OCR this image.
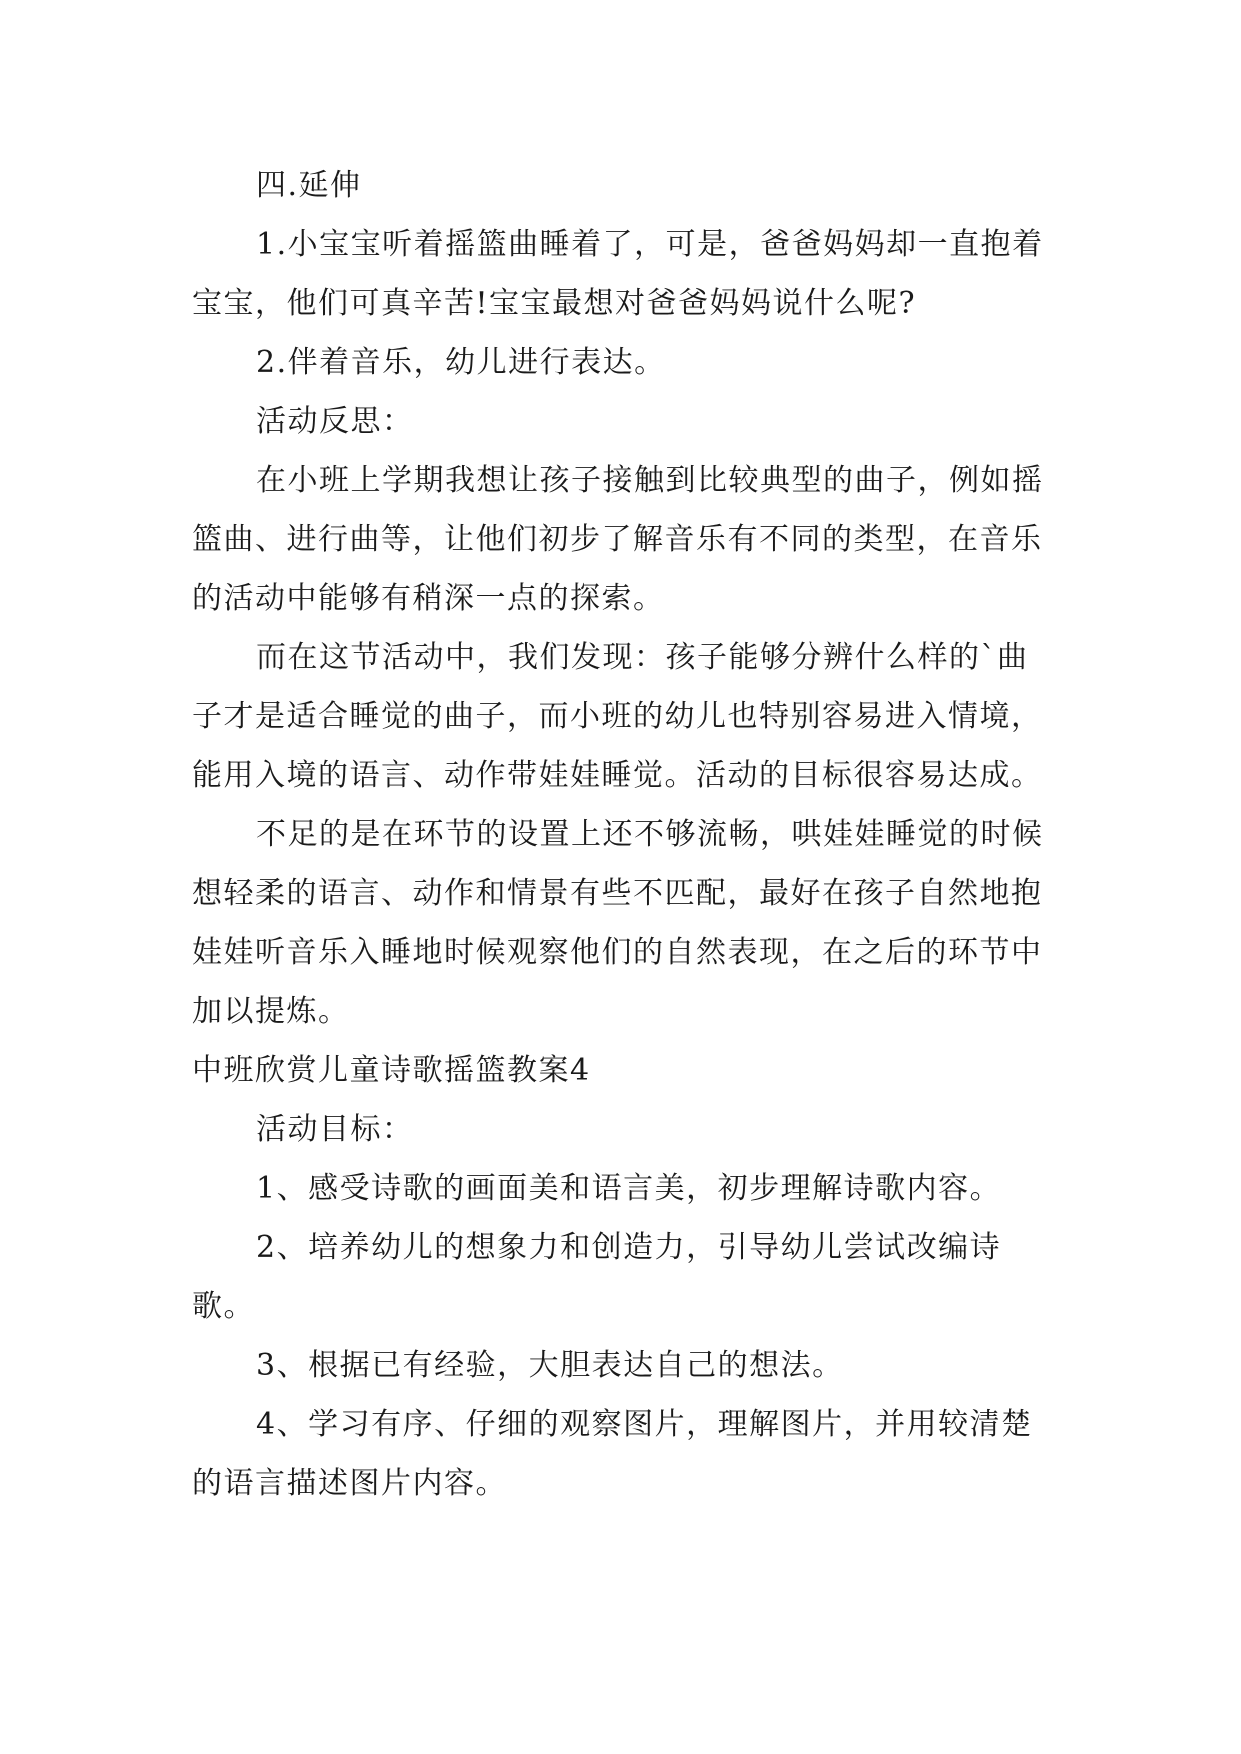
四.延伸

1.小宝宝听着摇篮曲睡着了，可是，爸爸妈妈却一直抱着宝宝，他们可真辛苦!宝宝最想对爸爸妈妈说什么呢?

2.伴着音乐，幼儿进行表达。

活动反思：

在小班上学期我想让孩子接触到比较典型的曲子，例如摇篮曲、进行曲等，让他们初步了解音乐有不同的类型，在音乐的活动中能够有稍深一点的探索。

而在这节活动中，我们发现：孩子能够分辨什么样的`曲子才是适合睡觉的曲子，而小班的幼儿也特别容易进入情境，能用入境的语言、动作带娃娃睡觉。活动的目标很容易达成。

不足的是在环节的设置上还不够流畅，哄娃娃睡觉的时候想轻柔的语言、动作和情景有些不匹配，最好在孩子自然地抱娃娃听音乐入睡地时候观察他们的自然表现，在之后的环节中加以提炼。

中班欣赏儿童诗歌摇篮教案4

活动目标：

1、感受诗歌的画面美和语言美，初步理解诗歌内容。

2、培养幼儿的想象力和创造力，引导幼儿尝试改编诗歌。

3、根据已有经验，大胆表达自己的想法。

4、学习有序、仔细的观察图片，理解图片，并用较清楚的语言描述图片内容。
